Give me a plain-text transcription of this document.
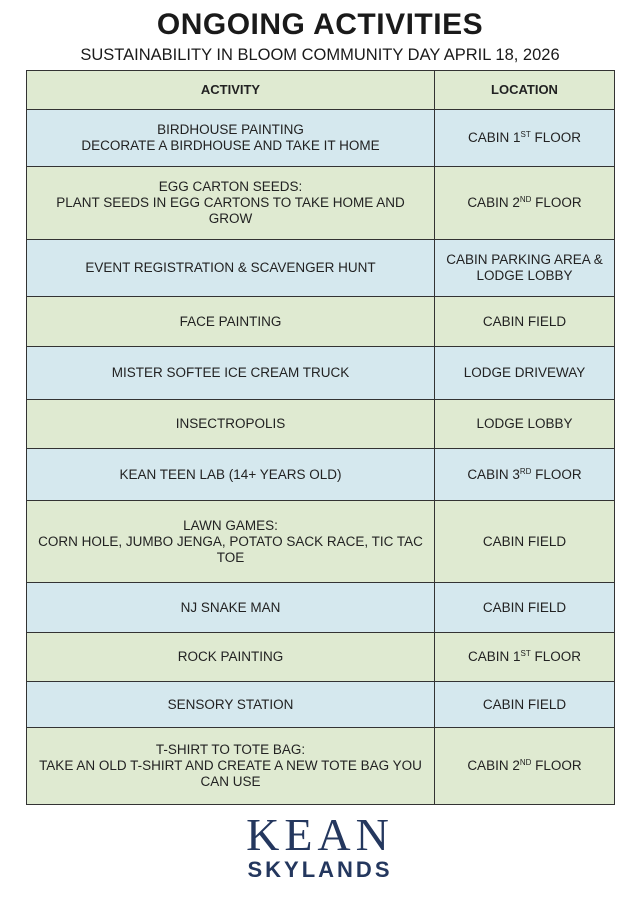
ONGOING ACTIVITIES
SUSTAINABILITY IN BLOOM COMMUNITY DAY APRIL 18, 2026
ACTIVITY	LOCATION

BIRDHOUSE PAINTING
DECORATE A BIRDHOUSE AND TAKE IT HOME	CABIN 1ST FLOOR

EGG CARTON SEEDS:
PLANT SEEDS IN EGG CARTONS TO TAKE HOME AND GROW	CABIN 2ND FLOOR

EVENT REGISTRATION & SCAVENGER HUNT	CABIN PARKING AREA & LODGE LOBBY

FACE PAINTING	CABIN FIELD

MISTER SOFTEE ICE CREAM TRUCK	LODGE DRIVEWAY

INSECTROPOLIS	LODGE LOBBY

KEAN TEEN LAB (14+ YEARS OLD)	CABIN 3RD FLOOR

LAWN GAMES:
CORN HOLE, JUMBO JENGA, POTATO SACK RACE, TIC TAC TOE	CABIN FIELD

NJ SNAKE MAN	CABIN FIELD

ROCK PAINTING	CABIN 1ST FLOOR

SENSORY STATION	CABIN FIELD

T-SHIRT TO TOTE BAG:
TAKE AN OLD T-SHIRT AND CREATE A NEW TOTE BAG YOU CAN USE	CABIN 2ND FLOOR
KEAN
SKYLANDS
